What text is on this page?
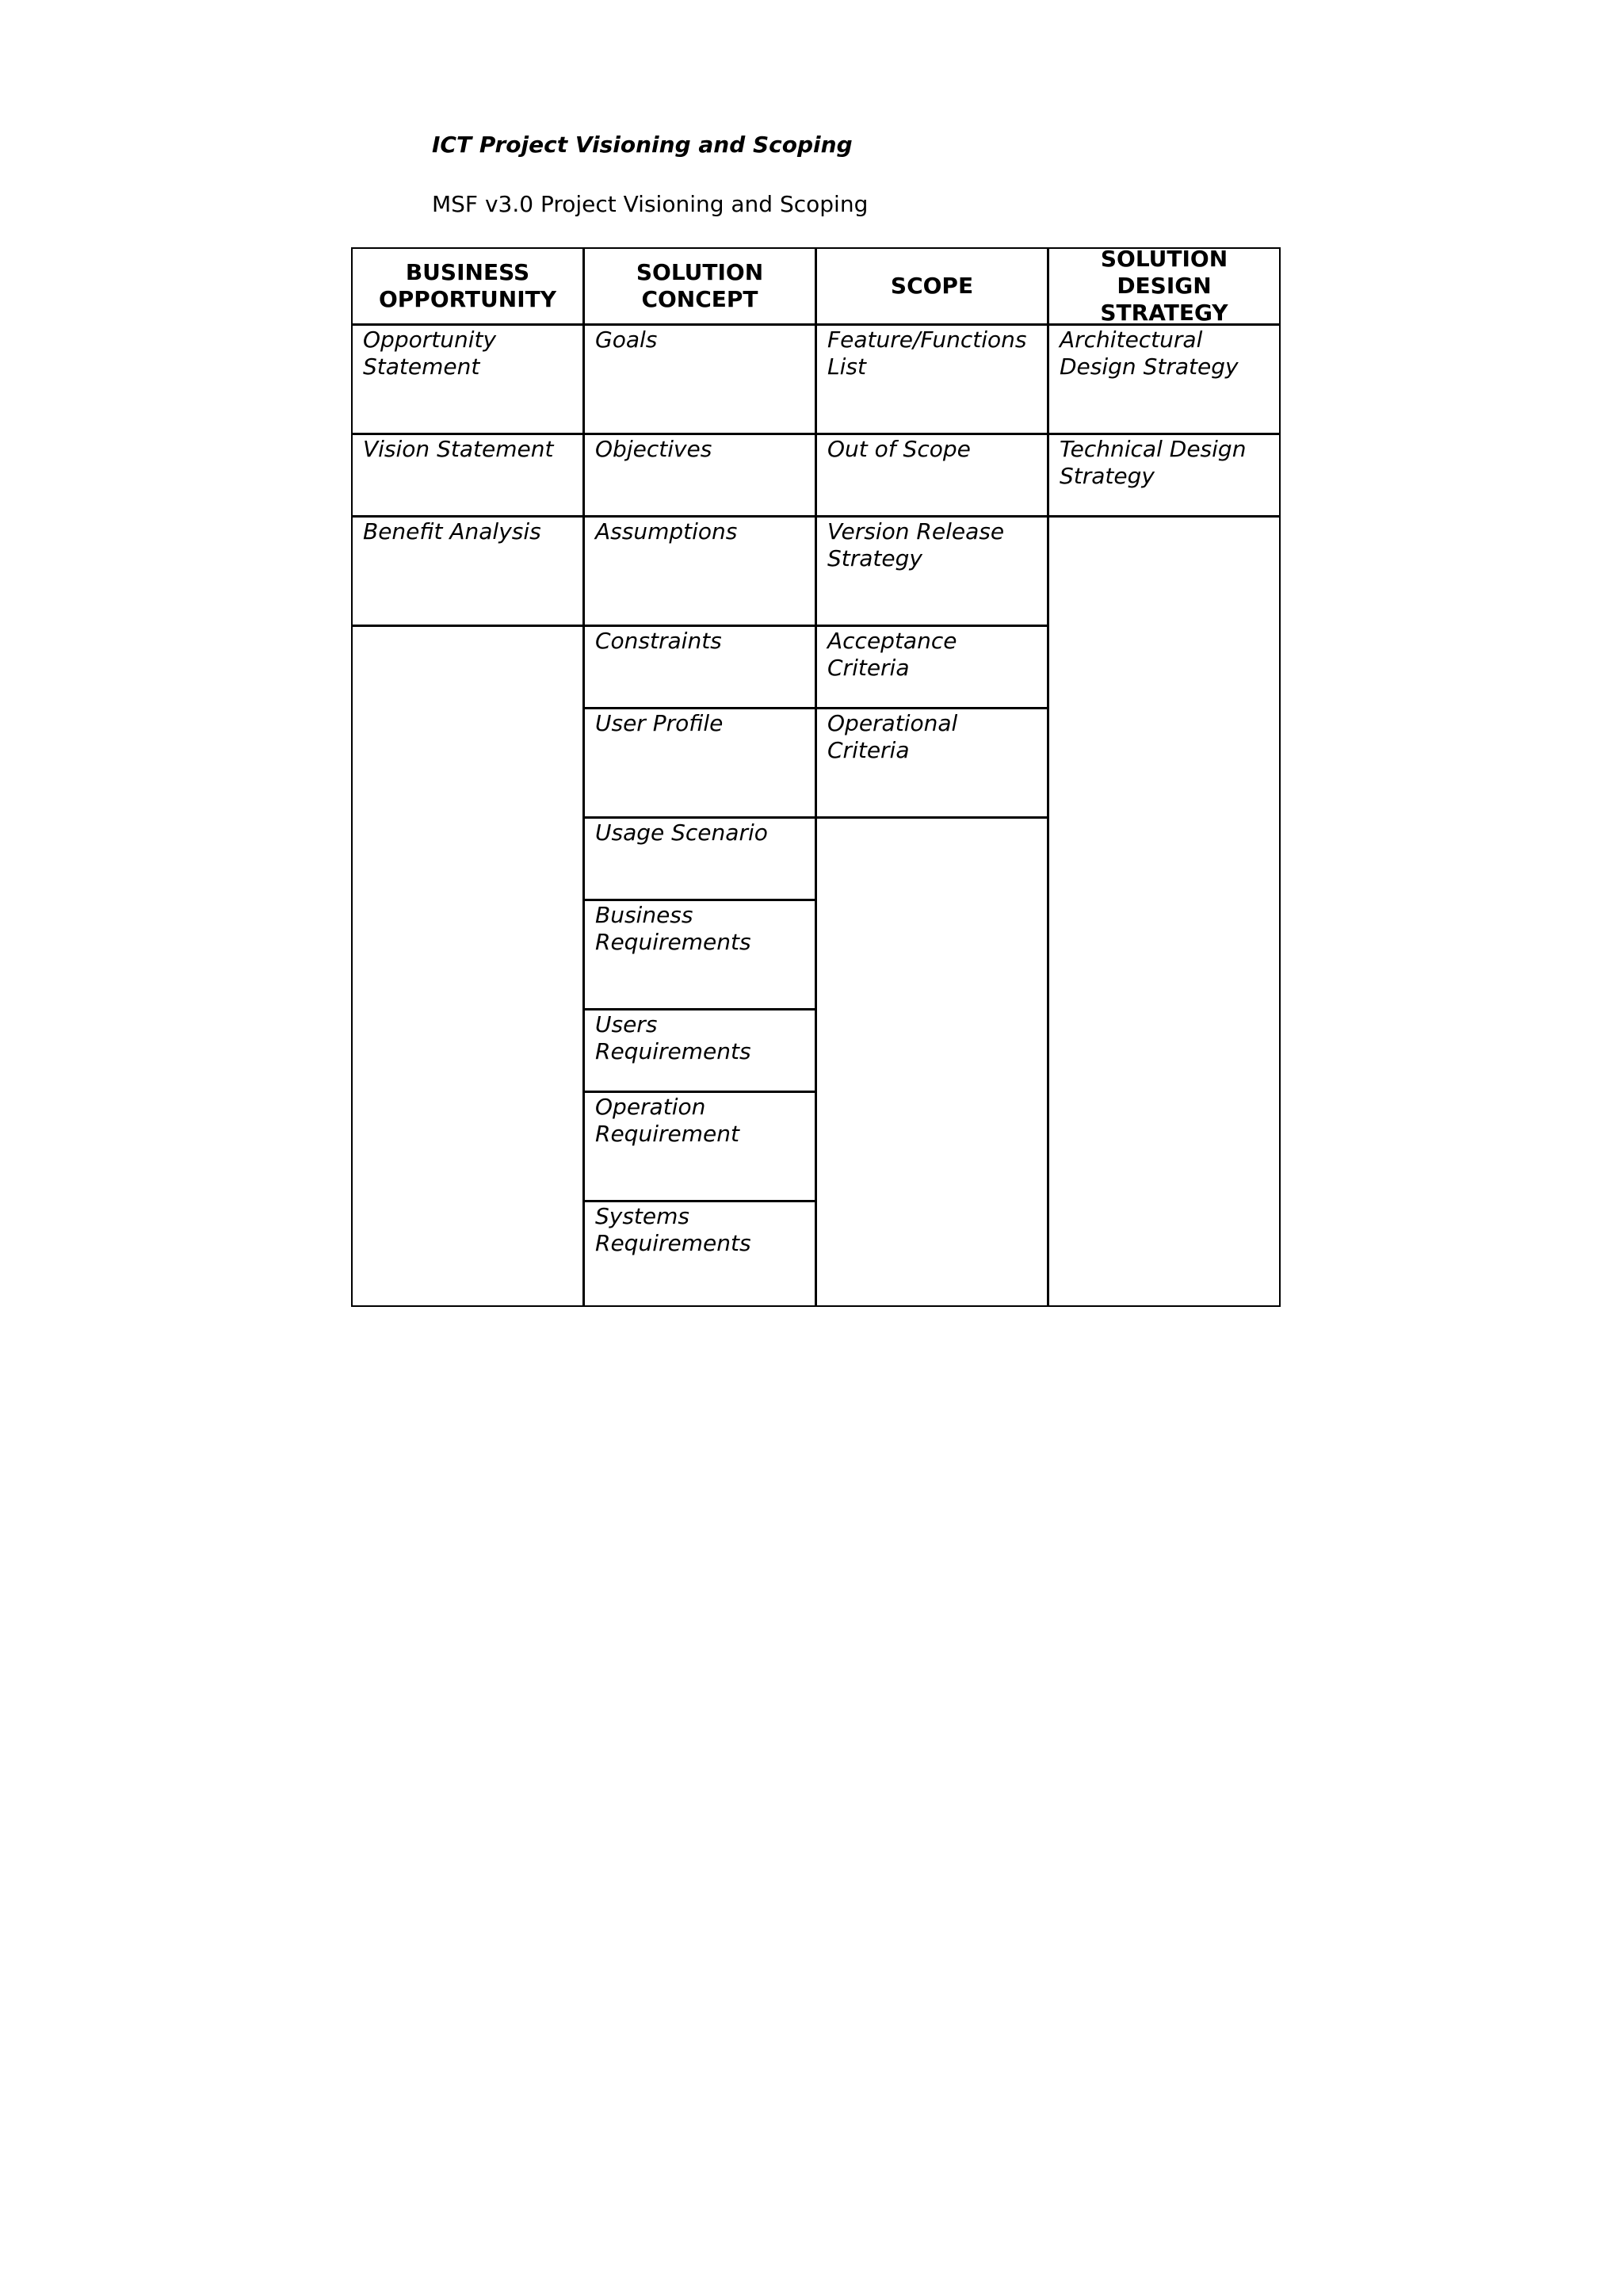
ICT Project Visioning and Scoping
MSF v3.0 Project Visioning and Scoping
BUSINESS OPPORTUNITY
SOLUTION CONCEPT
SCOPE
SOLUTION DESIGN STRATEGY
Opportunity Statement
Vision Statement
Benefit Analysis
Goals
Objectives
Assumptions
Constraints
User Profile
Usage Scenario
Business Requirements
Users Requirements
Operation Requirement
Systems Requirements
Feature/Functions List
Out of Scope
Version Release Strategy
Acceptance Criteria
Operational Criteria
Architectural Design Strategy
Technical Design Strategy
